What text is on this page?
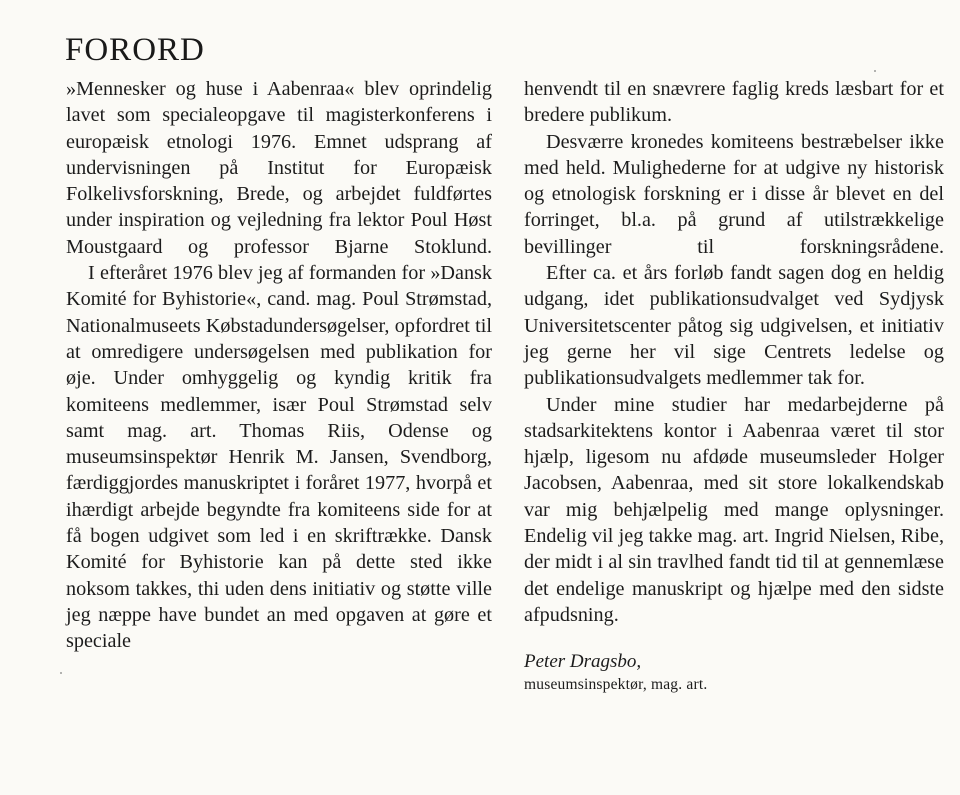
FORORD

»Mennesker og huse i Aabenraa« blev oprindelig lavet som specialeopgave til magisterkonferens i europæisk etnologi 1976. Emnet udsprang af undervisningen på Institut for Europæisk Folkelivsforskning, Brede, og arbejdet fuldførtes under inspiration og vejledning fra lektor Poul Høst Moustgaard og professor Bjarne Stoklund.

I efteråret 1976 blev jeg af formanden for »Dansk Komité for Byhistorie«, cand. mag. Poul Strømstad, Nationalmuseets Købstadundersøgelser, opfordret til at omredigere undersøgelsen med publikation for øje. Under omhyggelig og kyndig kritik fra komiteens medlemmer, især Poul Strømstad selv samt mag. art. Thomas Riis, Odense og museumsinspektør Henrik M. Jansen, Svendborg, færdiggjordes manuskriptet i foråret 1977, hvorpå et ihærdigt arbejde begyndte fra komiteens side for at få bogen udgivet som led i en skriftrække. Dansk Komité for Byhistorie kan på dette sted ikke noksom takkes, thi uden dens initiativ og støtte ville jeg næppe have bundet an med opgaven at gøre et speciale

henvendt til en snævrere faglig kreds læsbart for et bredere publikum.

Desværre kronedes komiteens bestræbelser ikke med held. Mulighederne for at udgive ny historisk og etnologisk forskning er i disse år blevet en del forringet, bl.a. på grund af utilstrækkelige bevillinger til forskningsrådene.

Efter ca. et års forløb fandt sagen dog en heldig udgang, idet publikationsudvalget ved Sydjysk Universitetscenter påtog sig udgivelsen, et initiativ jeg gerne her vil sige Centrets ledelse og publikationsudvalgets medlemmer tak for.

Under mine studier har medarbejderne på stadsarkitektens kontor i Aabenraa været til stor hjælp, ligesom nu afdøde museumsleder Holger Jacobsen, Aabenraa, med sit store lokalkendskab var mig behjælpelig med mange oplysninger. Endelig vil jeg takke mag. art. Ingrid Nielsen, Ribe, der midt i al sin travlhed fandt tid til at gennemlæse det endelige manuskript og hjælpe med den sidste afpudsning.

Peter Dragsbo,
museumsinspektør, mag. art.
